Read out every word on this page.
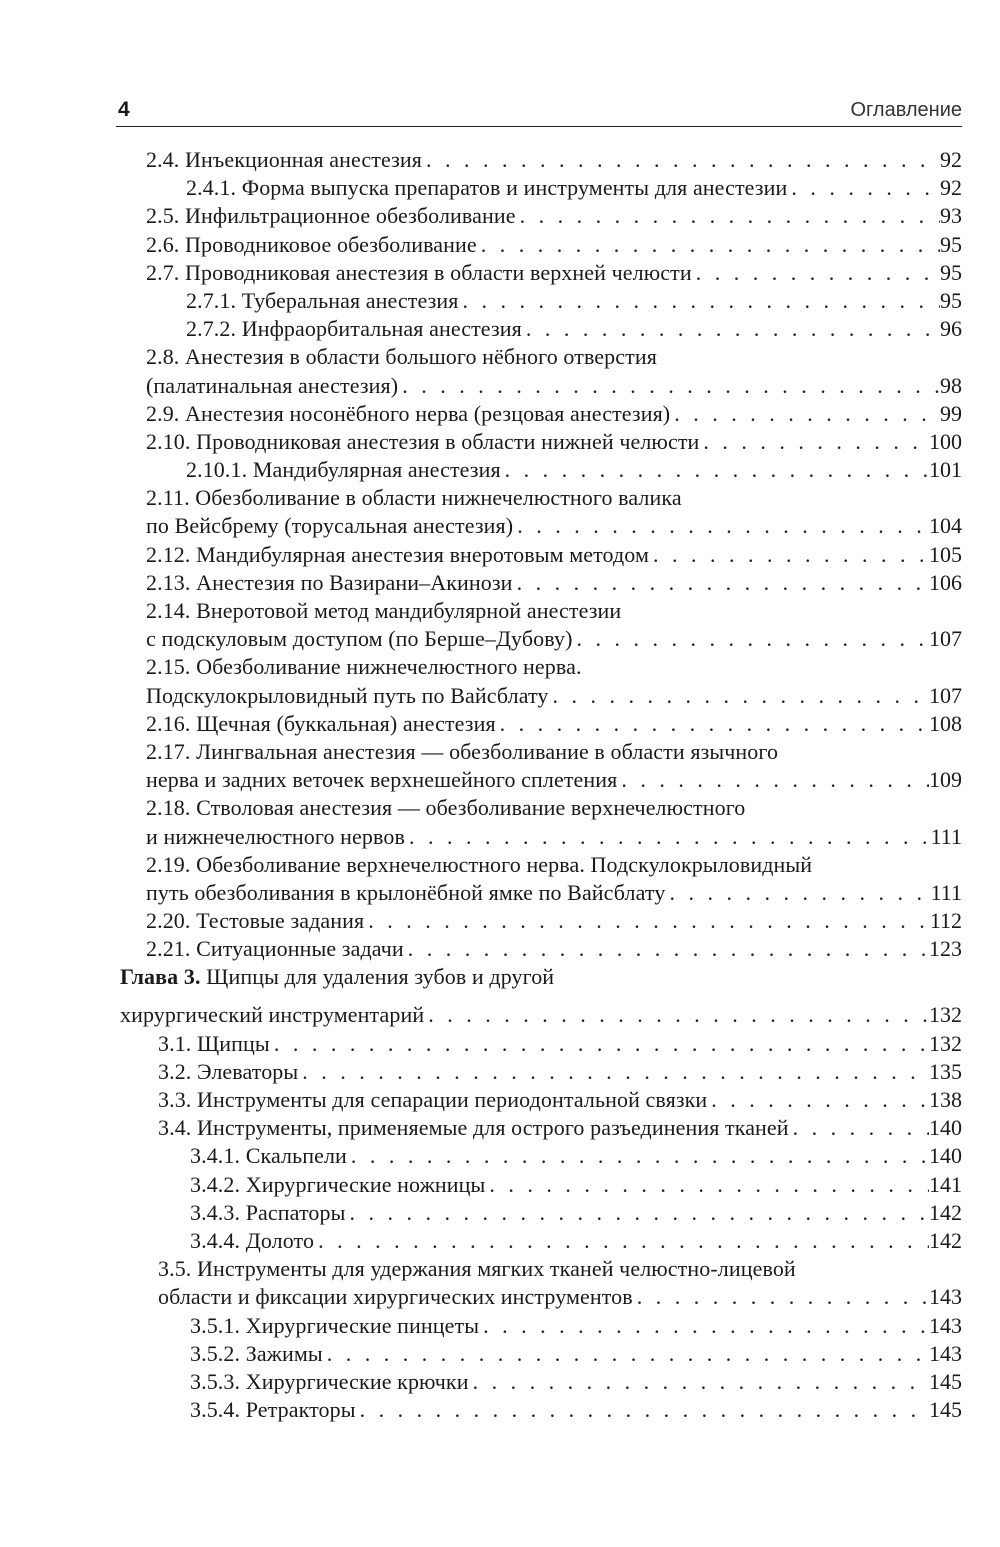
4	Оглавление
2.4. Инъекционная анестезия . . .	92
2.4.1. Форма выпуска препаратов и инструменты для анестезии . . .	92
2.5. Инфильтрационное обезболивание . . .	93
2.6. Проводниковое обезболивание . . .	95
2.7. Проводниковая анестезия в области верхней челюсти . . .	95
2.7.1. Туберальная анестезия . . .	95
2.7.2. Инфраорбитальная анестезия . . .	96
2.8. Анестезия в области большого нёбного отверстия
(палатинальная анестезия) . . .	98
2.9. Анестезия носонёбного нерва (резцовая анестезия) . . .	99
2.10. Проводниковая анестезия в области нижней челюсти . . .	100
2.10.1. Мандибулярная анестезия . . .	101
2.11. Обезболивание в области нижнечелюстного валика
по Вейсбрему (торусальная анестезия) . . .	104
2.12. Мандибулярная анестезия внеротовым методом . . .	105
2.13. Анестезия по Вазирани–Акинози . . .	106
2.14. Внеротовой метод мандибулярной анестезии
с подскуловым доступом (по Берше–Дубову) . . .	107
2.15. Обезболивание нижнечелюстного нерва.
Подскулокрыловидный путь по Вайсблату . . .	107
2.16. Щечная (буккальная) анестезия . . .	108
2.17. Лингвальная анестезия — обезболивание в области язычного
нерва и задних веточек верхнешейного сплетения . . .	109
2.18. Стволовая анестезия — обезболивание верхнечелюстного
и нижнечелюстного нервов . . .	111
2.19. Обезболивание верхнечелюстного нерва. Подскулокрыловидный
путь обезболивания в крылонёбной ямке по Вайсблату . . .	111
2.20. Тестовые задания . . .	112
2.21. Ситуационные задачи . . .	123
Глава 3. Щипцы для удаления зубов и другой
хирургический инструментарий . . .	132
3.1. Щипцы . . .	132
3.2. Элеваторы . . .	135
3.3. Инструменты для сепарации периодонтальной связки . . .	138
3.4. Инструменты, применяемые для острого разъединения тканей . . .	140
3.4.1. Скальпели . . .	140
3.4.2. Хирургические ножницы . . .	141
3.4.3. Распаторы . . .	142
3.4.4. Долото . . .	142
3.5. Инструменты для удержания мягких тканей челюстно-лицевой
области и фиксации хирургических инструментов . . .	143
3.5.1. Хирургические пинцеты . . .	143
3.5.2. Зажимы . . .	143
3.5.3. Хирургические крючки . . .	145
3.5.4. Ретракторы . . .	145
